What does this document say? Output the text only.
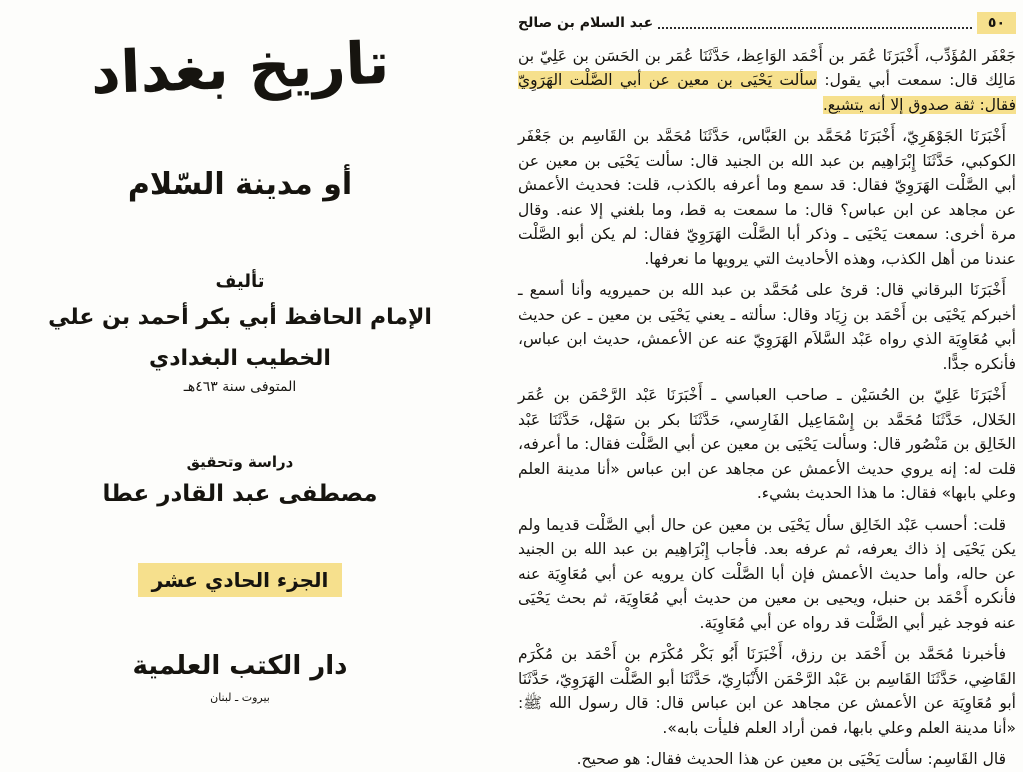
تاريخ بغداد
أو مدينة السّلام
تأليف
الإمام الحافظ أبي بكر أحمد بن علي
الخطيب البغدادي
المتوفى سنة ٤٦٣هـ
دراسة وتحقيق
مصطفى عبد القادر عطا
الجزء الحادي عشر
دار الكتب العلمية
بيروت ـ لبنان
٥٠
عبد السلام بن صالح

جَعْفَر المُؤَدِّب، أَخْبَرَنَا عُمَر بن أَحْمَد الوَاعِظ، حَدَّثَنَا عُمَر بن الحَسَن بن عَلِيّ بن مَالِك قال: سمعت أبي يقول: سألت يَحْيَى بن معين عن أبي الصَّلْت الهَرَوِيّ فقال: ثقة صدوق إلا أنه يتشيع.

أَخْبَرَنَا الجَوْهَرِيّ، أَخْبَرَنَا مُحَمَّد بن العَبَّاس، حَدَّثَنَا مُحَمَّد بن القَاسِم بن جَعْفَر الكوكبي، حَدَّثَنَا إِبْرَاهِيم بن عبد الله بن الجنيد قال: سألت يَحْيَى بن معين عن أبي الصَّلْت الهَرَوِيّ فقال: قد سمع وما أعرفه بالكذب، قلت: فحديث الأعمش عن مجاهد عن ابن عباس؟ قال: ما سمعت به قط، وما بلغني إلا عنه. وقال مرة أخرى: سمعت يَحْيَى ـ وذكر أبا الصَّلْت الهَرَوِيّ فقال: لم يكن أبو الصَّلْت عندنا من أهل الكذب، وهذه الأحاديث التي يرويها ما نعرفها.

أَخْبَرَنَا البرقاني قال: قرئ على مُحَمَّد بن عبد الله بن حميرويه وأنا أسمع ـ أخبركم يَحْيَى بن أَحْمَد بن زِيَاد وقال: سألته ـ يعني يَحْيَى بن معين ـ عن حديث أبي مُعَاوِيَة الذي رواه عَبْد السَّلاَم الهَرَوِيّ عنه عن الأعمش، حديث ابن عباس، فأنكره جدًّا.

أَخْبَرَنَا عَلِيّ بن الحُسَيْن ـ صاحب العباسي ـ أَخْبَرَنَا عَبْد الرَّحْمَن بن عُمَر الخَلال، حَدَّثَنَا مُحَمَّد بن إِسْمَاعِيل الفَارِسي، حَدَّثَنَا بكر بن سَهْل، حَدَّثَنَا عَبْد الخَالِق بن مَنْصُور قال: وسألت يَحْيَى بن معين عن أبي الصَّلْت فقال: ما أعرفه، قلت له: إنه يروي حديث الأعمش عن مجاهد عن ابن عباس «أنا مدينة العلم وعلي بابها» فقال: ما هذا الحديث بشيء.

قلت: أحسب عَبْد الخَالِق سأل يَحْيَى بن معين عن حال أبي الصَّلْت قديما ولم يكن يَحْيَى إذ ذاك يعرفه، ثم عرفه بعد. فأجاب إِبْرَاهِيم بن عبد الله بن الجنيد عن حاله، وأما حديث الأعمش فإن أبا الصَّلْت كان يرويه عن أبي مُعَاوِيَة عنه فأنكره أَحْمَد بن حنبل، ويحيى بن معين من حديث أبي مُعَاوِيَة، ثم بحث يَحْيَى عنه فوجد غير أبي الصَّلْت قد رواه عن أبي مُعَاوِيَة.

فأخبرنا مُحَمَّد بن أَحْمَد بن رزق، أَخْبَرَنَا أَبُو بَكْر مُكْرَم بن أَحْمَد بن مُكْرَم القَاضِي، حَدَّثَنَا القَاسِم بن عَبْد الرَّحْمَن الأَنْبَارِيّ، حَدَّثَنَا أبو الصَّلْت الهَرَوِيّ، حَدَّثَنَا أبو مُعَاوِيَة عن الأعمش عن مجاهد عن ابن عباس قال: قال رسول الله ﷺ: «أنا مدينة العلم وعلي بابها، فمن أراد العلم فليأت بابه».

قال القَاسِم: سألت يَحْيَى بن معين عن هذا الحديث فقال: هو صحيح.
